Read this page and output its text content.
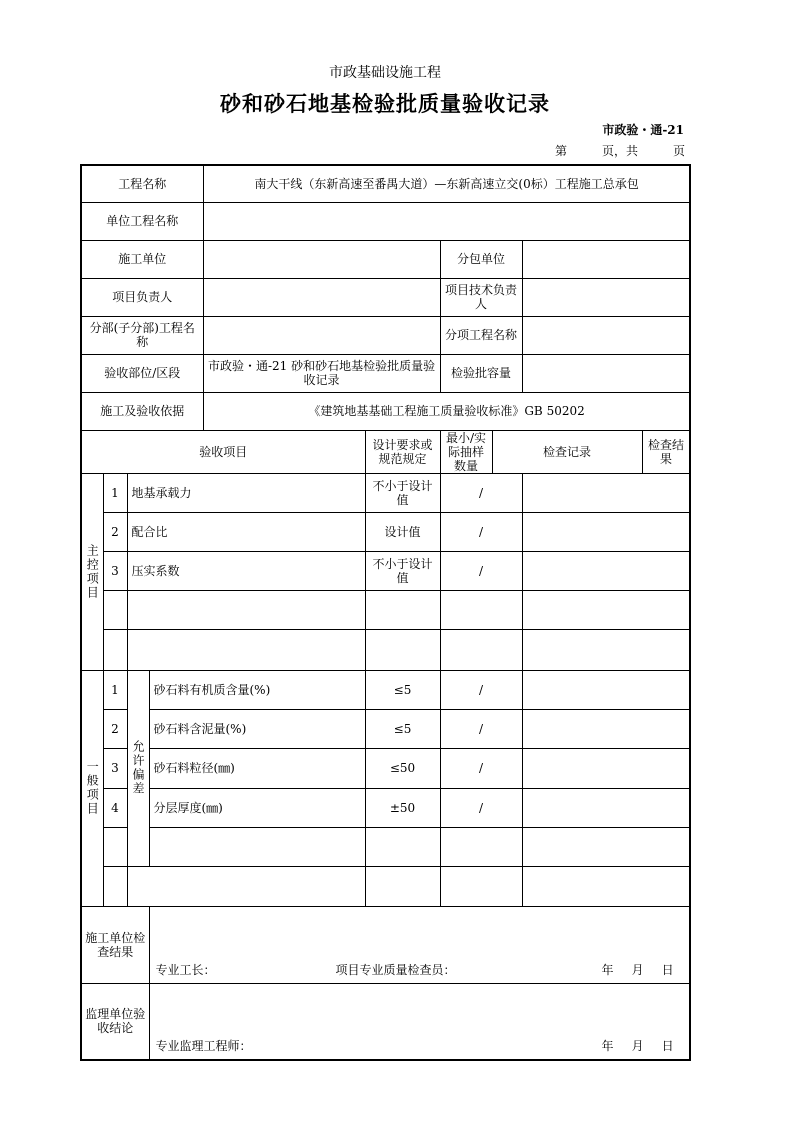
市政基础设施工程
砂和砂石地基检验批质量验收记录
市政验・通-21
第	页，共	页
工程名称				南大干线（东新高速至番禺大道）—东新高速立交(0标）工程施工总承包						
单位工程名称										
施工单位						分包单位				
项目负责人						项目技术负责人				
分部(子分部)工程名称						分项工程名称				
验收部位/区段				市政验・通-21 砂和砂石地基检验批质量验收记录		检验批容量				
施工及验收依据				《建筑地基基础工程施工质量验收标准》GB 50202						
验收项目					设计要求或规范规定	最小/实际抽样数量	检查记录		检查结果	
主控项目	1	地基承载力			不小于设计值	/				
	2	配合比			设计值	/				
	3	压实系数			不小于设计值	/				

一般项目	1	允许偏差	砂石料有机质含量(%)		≤5	/				
	2		砂石料含泥量(%)		≤5	/				
	3		砂石料粒径(㎜)		≤50	/				
	4		分层厚度(㎜)		±50	/				

施工单位检查结果			专业工长： 项目专业质量检查员： 年 月 日							

监理单位验收结论			专业监理工程师： 年 月 日							
